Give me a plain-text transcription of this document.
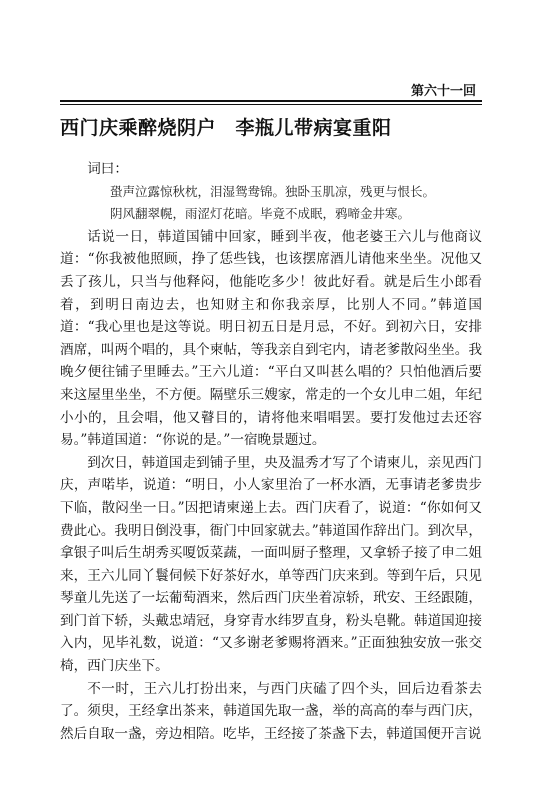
第六十一回
西门庆乘醉烧阴户　李瓶儿带病宴重阳

词曰：

蛩声泣露惊秋枕，泪湿鸳鸯锦。独卧玉肌凉，残更与恨长。
阴风翻翠幌，雨涩灯花暗。毕竟不成眠，鸦啼金井寒。

话说一日，韩道国铺中回家，睡到半夜，他老婆王六儿与他商议道：“你我被他照顾，挣了恁些钱，也该摆席酒儿请他来坐坐。况他又丢了孩儿，只当与他释闷，他能吃多少！彼此好看。就是后生小郎看着，到明日南边去，也知财主和你我亲厚，比别人不同。”韩道国道：“我心里也是这等说。明日初五日是月忌，不好。到初六日，安排酒席，叫两个唱的，具个柬帖，等我亲自到宅内，请老爹散闷坐坐。我晚夕便往铺子里睡去。”王六儿道：“平白又叫甚么唱的？只怕他酒后要来这屋里坐坐，不方便。隔壁乐三嫂家，常走的一个女儿申二姐，年纪小小的，且会唱，他又瞽目的，请将他来唱唱罢。要打发他过去还容易。”韩道国道：“你说的是。”一宿晚景题过。

到次日，韩道国走到铺子里，央及温秀才写了个请柬儿，亲见西门庆，声喏毕，说道：“明日，小人家里治了一杯水酒，无事请老爹贵步下临，散闷坐一日。”因把请柬递上去。西门庆看了，说道：“你如何又费此心。我明日倒没事，衙门中回家就去。”韩道国作辞出门。到次早，拿银子叫后生胡秀买嗄饭菜蔬，一面叫厨子整理，又拿轿子接了申二姐来，王六儿同丫鬟伺候下好茶好水，单等西门庆来到。等到午后，只见琴童儿先送了一坛葡萄酒来，然后西门庆坐着凉轿，玳安、王经跟随，到门首下轿，头戴忠靖冠，身穿青水纬罗直身，粉头皂靴。韩道国迎接入内，见毕礼数，说道：“又多谢老爹赐将酒来。”正面独独安放一张交椅，西门庆坐下。

不一时，王六儿打扮出来，与西门庆磕了四个头，回后边看茶去了。须臾，王经拿出茶来，韩道国先取一盏，举的高高的奉与西门庆，然后自取一盏，旁边相陪。吃毕，王经接了茶盏下去，韩道国便开言说
